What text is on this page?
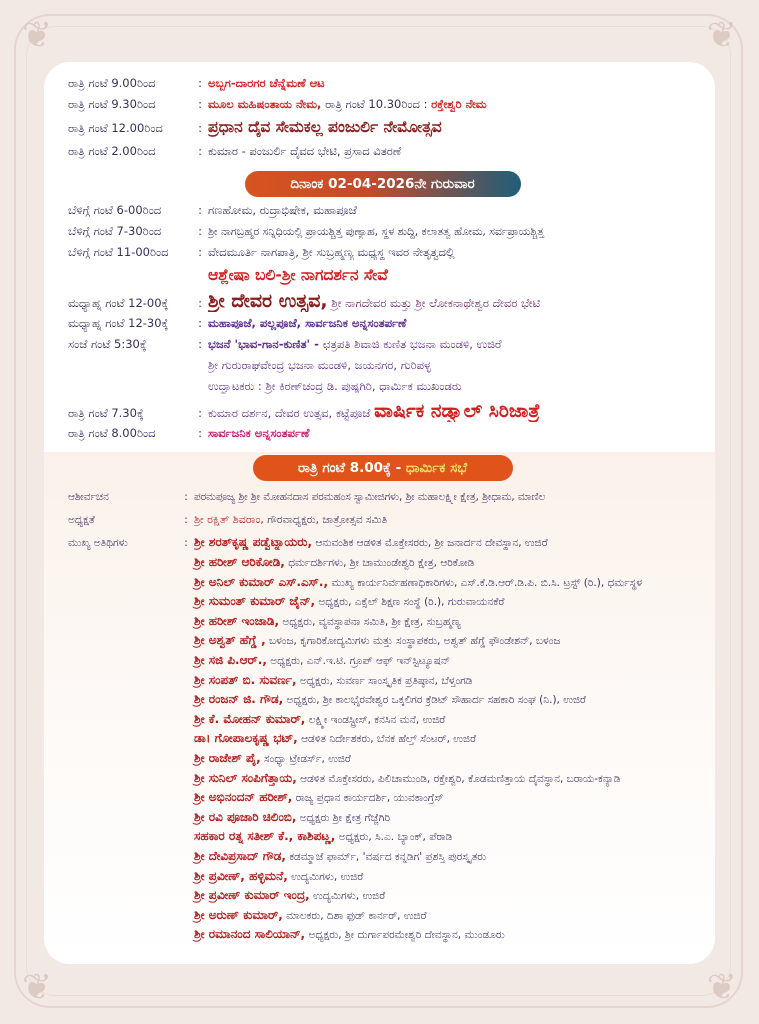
❦	❦
❦	❦
ರಾತ್ರಿ ಗಂಟೆ 9.00ರಿಂದ	: ಅಬ್ಬಗ-ದಾರಗರ ಚೆನ್ನೆಮಣೆ ಆಟ
ರಾತ್ರಿ ಗಂಟೆ 9.30ರಿಂದ	: ಮೂಲ ಮಹಿಷಂತಾಯ ನೇಮ, ರಾತ್ರಿ ಗಂಟೆ 10.30ರಿಂದ : ರಕ್ತೇಶ್ವರಿ ನೇಮ
ರಾತ್ರಿ ಗಂಟೆ 12.00ರಿಂದ	: ಪ್ರಧಾನ ದೈವ ಸೇಮಕಲ್ಲ ಪಂಜುರ್ಲಿ ನೇಮೋತ್ಸವ
ರಾತ್ರಿ ಗಂಟೆ 2.00ರಿಂದ	: ಕುಮಾರ - ಪಂಜುರ್ಲಿ ದೈವದ ಭೇಟಿ, ಪ್ರಸಾದ ವಿತರಣೆ
ದಿನಾಂಕ 02-04-2026ನೇ ಗುರುವಾರ
ಬೆಳಿಗ್ಗೆ ಗಂಟೆ 6-00ರಿಂದ	: ಗಣಹೋಮ, ರುದ್ರಾಭಿಷೇಕ, ಮಹಾಪೂಜೆ
ಬೆಳಿಗ್ಗೆ ಗಂಟೆ 7-30ರಿಂದ	: ಶ್ರೀ ನಾಗಬ್ರಹ್ಮರ ಸನ್ನಿಧಿಯಲ್ಲಿ ಪ್ರಾಯಶ್ಚಿತ್ತ ಪುಣ್ಯಾಹ, ಸ್ಥಳ ಶುದ್ಧಿ, ಕಲಾತತ್ವ ಹೋಮ, ಸರ್ವಪ್ರಾಯಶ್ಚಿತ್ತ
ಬೆಳಿಗ್ಗೆ ಗಂಟೆ 11-00ರಿಂದ	: ವೇದಮೂರ್ತಿ ನಾಗಪಾತ್ರಿ, ಶ್ರೀ ಸುಬ್ರಹ್ಮಣ್ಯ ಮಧ್ಯಸ್ಥ ಇವರ ನೇತೃತ್ವದಲ್ಲಿ
ಆಶ್ಲೇಷಾ ಬಲಿ-ಶ್ರೀ ನಾಗದರ್ಶನ ಸೇವೆ
ಮಧ್ಯಾಹ್ನ ಗಂಟೆ 12-00ಕ್ಕೆ	: ಶ್ರೀ ದೇವರ ಉತ್ಸವ, ಶ್ರೀ ನಾಗದೇವರ ಮತ್ತು ಶ್ರೀ ಲೋಕನಾಥೇಶ್ವರ ದೇವರ ಭೇಟಿ
ಮಧ್ಯಾಹ್ನ ಗಂಟೆ 12-30ಕ್ಕೆ	: ಮಹಾಪೂಜೆ, ಪಲ್ಲಪೂಜೆ, ಸಾರ್ವಜನಿಕ ಅನ್ನಸಂತರ್ಪಣೆ
ಸಂಜೆ ಗಂಟೆ 5:30ಕ್ಕೆ	: ಭಜನೆ 'ಭಾವ-ಗಾನ-ಕುಣಿತ' - ಛತ್ರಪತಿ ಶಿವಾಜಿ ಕುಣಿತ ಭಜನಾ ಮಂಡಳಿ, ಉಜಿರೆ
ಶ್ರೀ ಗುರುರಾಘವೇಂದ್ರ ಭಜನಾ ಮಂಡಳಿ, ಜಯನಗರ, ಗುರಿಪಳ್ಳ
ಉದ್ಘಾಟಕರು : ಶ್ರೀ ಕಿರಣ್‌ಚಂದ್ರ ಡಿ. ಪುಷ್ಪಗಿರಿ, ಧಾರ್ಮಿಕ ಮುಖಂಡರು
ರಾತ್ರಿ ಗಂಟೆ 7.30ಕ್ಕೆ	: ಕುಮಾರ ದರ್ಶನ, ದೇವರ ಉತ್ಸವ, ಕಟ್ಟೆಪೂಜೆ ವಾರ್ಷಿಕ ನಡ್ವಾಲ್ ಸಿರಿಜಾತ್ರೆ
ರಾತ್ರಿ ಗಂಟೆ 8.00ರಿಂದ	: ಸಾರ್ವಜನಿಕ ಅನ್ನಸಂತರ್ಪಣೆ
ರಾತ್ರಿ ಗಂಟೆ 8.00ಕ್ಕೆ - ಧಾರ್ಮಿಕ ಸಭೆ
ಆಶೀರ್ವಚನ	: ಪರಮಪೂಜ್ಯ ಶ್ರೀ ಶ್ರೀ ಮೋಹನದಾಸ ಪರಮಹಂಸ ಸ್ವಾಮೀಜಿಗಳು, ಶ್ರೀ ಮಹಾಲಕ್ಷ್ಮೀ ಕ್ಷೇತ್ರ, ಶ್ರೀಧಾಮ, ಮಾಣಿಲ
ಅಧ್ಯಕ್ಷತೆ	: ಶ್ರೀ ರಕ್ಷಿತ್ ಶಿವರಾಂ, ಗೌರವಾಧ್ಯಕ್ಷರು, ಜಾತ್ರೋತ್ಸವ ಸಮಿತಿ
ಮುಖ್ಯ ಅತಿಥಿಗಳು	: ಶ್ರೀ ಶರತ್‌ಕೃಷ್ಣ ಪಡ್ವೆಟ್ನಾಯರು, ಆನುವಂಶಿಕ ಆಡಳಿತ ಮೊಕ್ತೇಸರರು, ಶ್ರೀ ಜನಾರ್ದನ ದೇವಸ್ಥಾನ, ಉಜಿರೆ
ಶ್ರೀ ಹರೀಶ್ ಆರಿಕೋಡಿ, ಧರ್ಮದರ್ಶಿಗಳು, ಶ್ರೀ ಚಾಮುಂಡೇಶ್ವರಿ ಕ್ಷೇತ್ರ, ಆರಿಕೋಡಿ
ಶ್ರೀ ಅನಿಲ್ ಕುಮಾರ್ ಎಸ್.ಎಸ್., ಮುಖ್ಯ ಕಾರ್ಯನಿರ್ವಹಣಾಧಿಕಾರಿಗಳು, ಎಸ್.ಕೆ.ಡಿ.ಆರ್.ಡಿ.ಪಿ. ಬಿ.ಸಿ. ಟ್ರಸ್ಟ್ (ರಿ.), ಧರ್ಮಸ್ಥಳ
ಶ್ರೀ ಸುಮಂತ್ ಕುಮಾರ್ ಜೈನ್, ಅಧ್ಯಕ್ಷರು, ಎಕ್ಸೆಲ್ ಶಿಕ್ಷಣ ಸಂಸ್ಥೆ (ರಿ.), ಗುರುವಾಯನಕೆರೆ
ಶ್ರೀ ಹರೀಶ್ ಇಂಜಾಡಿ, ಅಧ್ಯಕ್ಷರು, ವ್ಯವಸ್ಥಾಪನಾ ಸಮಿತಿ, ಶ್ರೀ ಕ್ಷೇತ್ರ, ಸುಬ್ರಹ್ಮಣ್ಯ
ಶ್ರೀ ಅಶ್ವತ್ ಹೆಗ್ಡೆ , ಬಳಂಜ, ಕೃಗಾರಿಕೋದ್ಯಮಿಗಳು ಮತ್ತು ಸಂಸ್ಥಾಪಕರು, ಅಶ್ವತ್ ಹೆಗ್ಡೆ ಫೌಂಡೇಶನ್, ಬಳಂಜ
ಶ್ರೀ ಸಜಿ ಪಿ.ಆರ್., ಅಧ್ಯಕ್ಷರು, ಎನ್.ಇ.ಟಿ. ಗ್ರೂಪ್ ಆಫ್ ಇನ್‌ಸ್ಟಿಟ್ಯೂಷನ್
ಶ್ರೀ ಸಂಪತ್ ಬಿ. ಸುವರ್ಣ, ಅಧ್ಯಕ್ಷರು, ಸುವರ್ಣ ಸಾಂಸ್ಕೃತಿಕ ಪ್ರತಿಷ್ಠಾನ, ಬೆಳ್ತಂಗಡಿ
ಶ್ರೀ ರಂಜನ್ ಜಿ. ಗೌಡ, ಅಧ್ಯಕ್ಷರು, ಶ್ರೀ ಕಾಲಭೈರವೇಶ್ವರ ಒಕ್ಕಲಿಗರ ಕ್ರೆಡಿಟ್ ಸೌಹಾರ್ದ ಸಹಕಾರಿ ಸಂಘ (ನಿ.), ಉಜಿರೆ
ಶ್ರೀ ಕೆ. ಮೋಹನ್ ಕುಮಾರ್, ಲಕ್ಷ್ಮೀ ಇಂಡಸ್ಟ್ರೀಸ್, ಕನಸಿನ ಮನೆ, ಉಜಿರೆ
ಡಾ। ಗೋಪಾಲಕೃಷ್ಣ ಭಟ್, ಆಡಳಿತ ನಿರ್ದೇಶಕರು, ಬೆನಕ ಹೆಲ್ತ್ ಸೆಂಟರ್, ಉಜಿರೆ
ಶ್ರೀ ರಾಜೇಶ್ ಪೈ, ಸಂಧ್ಯಾ ಟ್ರೇಡರ್ಸ್, ಉಜಿರೆ
ಶ್ರೀ ಸುನಿಲ್ ಸಂಪಿಗೆತ್ತಾಯ, ಆಡಳಿತ ಮೊಕ್ತೇಸರರು, ಪಿಲಿಚಾಮುಂಡಿ, ರಕ್ತೇಶ್ವರಿ, ಕೊಡಮಣಿತ್ತಾಯ ದೈವಸ್ಥಾನ, ಬರಾಯ-ಕನ್ಯಾಡಿ
ಶ್ರೀ ಅಭಿನಂದನ್ ಹರೀಶ್, ರಾಜ್ಯ ಪ್ರಧಾನ ಕಾರ್ಯದರ್ಶಿ, ಯುವಕಾಂಗ್ರೆಸ್
ಶ್ರೀ ರವಿ ಪೂಜಾರಿ ಚಿಲಿಂಬಿ, ಅಧ್ಯಕ್ಷರು ಶ್ರೀ ಕ್ಷೇತ್ರ ಗೆಜ್ಜೆಗಿರಿ
ಸಹಕಾರ ರತ್ನ ಸತೀಶ್ ಕೆ., ಕಾಶಿಪಟ್ಣ, ಅಧ್ಯಕ್ಷರು, ಸಿ.ಎ. ಬ್ಯಾಂಕ್, ಪೆರಾಡಿ
ಶ್ರೀ ದೇವಿಪ್ರಸಾದ್ ಗೌಡ, ಕಡಮ್ಮಾಜೆ ಫಾರ್ಮ್, 'ವರ್ಷದ ಕನ್ನಡಿಗ' ಪ್ರಶಸ್ತಿ ಪುರಸ್ಕೃತರು
ಶ್ರೀ ಪ್ರವೀಣ್, ಹಳ್ಳಿಮನೆ, ಉದ್ಯಮಿಗಳು, ಉಜಿರೆ
ಶ್ರೀ ಪ್ರವೀಣ್ ಕುಮಾರ್ ಇಂದ್ರ, ಉದ್ಯಮಿಗಳು, ಉಜಿರೆ
ಶ್ರೀ ಅರುಣ್ ಕುಮಾರ್, ಮಾಲಕರು, ದಿಶಾ ಫುಡ್ ಕಾರ್ನರ್, ಉಜಿರೆ
ಶ್ರೀ ರಮಾನಂದ ಸಾಲಿಯಾನ್, ಅಧ್ಯಕ್ಷರು, ಶ್ರೀ ದುರ್ಗಾಪರಮೇಶ್ವರಿ ದೇವಸ್ಥಾನ, ಮುಂಡೂರು
